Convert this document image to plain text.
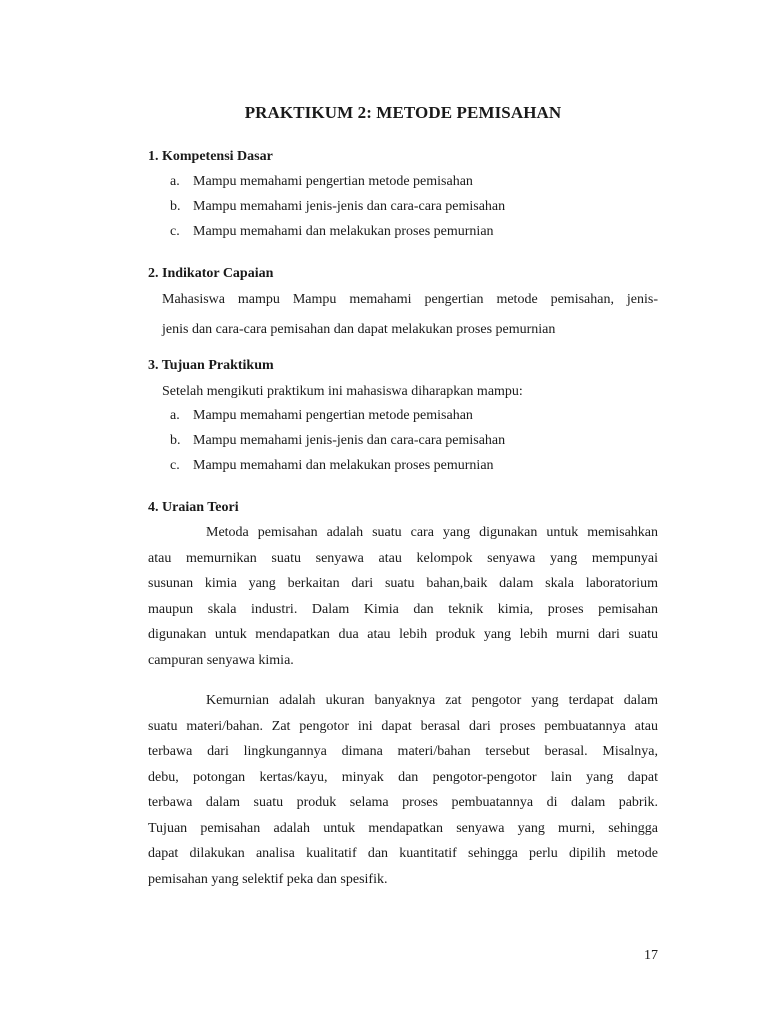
PRAKTIKUM 2: METODE PEMISAHAN
1. Kompetensi Dasar
a. Mampu memahami pengertian metode pemisahan
b. Mampu memahami jenis-jenis dan cara-cara pemisahan
c. Mampu memahami dan melakukan proses pemurnian
2. Indikator Capaian
Mahasiswa mampu Mampu memahami pengertian metode pemisahan, jenis-
jenis dan cara-cara pemisahan dan dapat melakukan proses pemurnian
3. Tujuan Praktikum
Setelah mengikuti praktikum ini mahasiswa diharapkan mampu:
a. Mampu memahami pengertian metode pemisahan
b. Mampu memahami jenis-jenis dan cara-cara pemisahan
c. Mampu memahami dan melakukan proses pemurnian
4. Uraian Teori
Metoda pemisahan adalah suatu cara yang digunakan untuk memisahkan
atau memurnikan suatu senyawa atau kelompok senyawa yang mempunyai
susunan kimia yang berkaitan dari suatu bahan,baik dalam skala laboratorium
maupun skala industri. Dalam Kimia dan teknik kimia, proses pemisahan
digunakan untuk mendapatkan dua atau lebih produk yang lebih murni dari suatu
campuran senyawa kimia.
Kemurnian adalah ukuran banyaknya zat pengotor yang terdapat dalam
suatu materi/bahan. Zat pengotor ini dapat berasal dari proses pembuatannya atau
terbawa dari lingkungannya dimana materi/bahan tersebut berasal. Misalnya,
debu, potongan kertas/kayu, minyak dan pengotor-pengotor lain yang dapat
terbawa dalam suatu produk selama proses pembuatannya di dalam pabrik.
Tujuan pemisahan adalah untuk mendapatkan senyawa yang murni, sehingga
dapat dilakukan analisa kualitatif dan kuantitatif sehingga perlu dipilih metode
pemisahan yang selektif peka dan spesifik.
17
